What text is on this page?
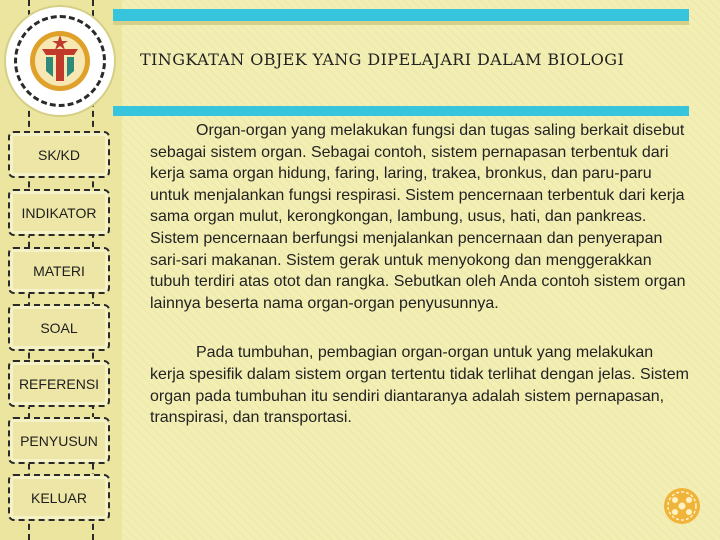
SK/KD
INDIKATOR
MATERI
SOAL
REFERENSI
PENYUSUN
KELUAR
TINGKATAN OBJEK YANG DIPELAJARI DALAM BIOLOGI

Organ-organ yang melakukan fungsi dan tugas saling berkait disebut sebagai sistem organ. Sebagai contoh, sistem pernapasan terbentuk dari kerja sama organ hidung, faring, laring, trakea, bronkus, dan paru-paru untuk menjalankan fungsi respirasi. Sistem pencernaan terbentuk dari kerja sama organ mulut, kerongkongan, lambung, usus, hati, dan pankreas. Sistem pencernaan berfungsi menjalankan pencernaan dan penyerapan sari-sari makanan. Sistem gerak untuk menyokong dan menggerakkan tubuh terdiri atas otot dan rangka. Sebutkan oleh Anda contoh sistem organ lainnya beserta nama organ-organ penyusunnya.

Pada tumbuhan, pembagian organ-organ untuk yang melakukan kerja spesifik dalam sistem organ tertentu tidak terlihat dengan jelas. Sistem organ pada tumbuhan itu sendiri diantaranya adalah sistem pernapasan, transpirasi, dan transportasi.
